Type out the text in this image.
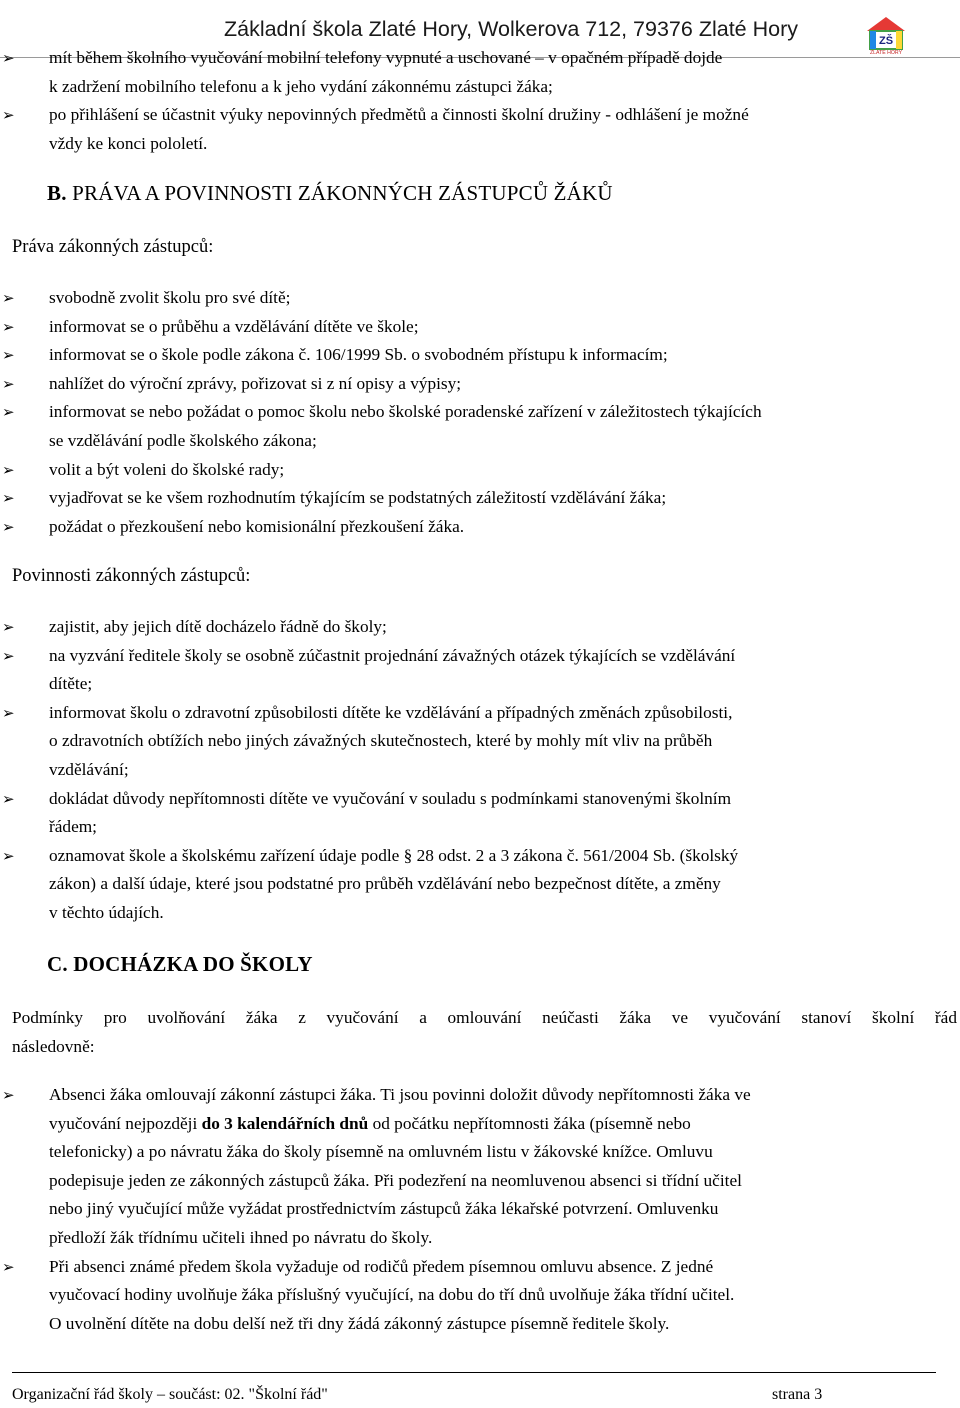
Základní škola Zlaté Hory, Wolkerova 712, 79376 Zlaté Hory	ZŠ
ZLATÉ HORY
➢ mít během školního vyučování mobilní telefony vypnuté a uschované – v opačném případě dojde
k zadržení mobilního telefonu a k jeho vydání zákonnému zástupci žáka;
➢ po přihlášení se účastnit výuky nepovinných předmětů a činnosti školní družiny - odhlášení je možné
vždy ke konci pololetí.
B. PRÁVA A POVINNOSTI ZÁKONNÝCH ZÁSTUPCŮ ŽÁKŮ
Práva zákonných zástupců:
➢ svobodně zvolit školu pro své dítě;
➢ informovat se o průběhu a vzdělávání dítěte ve škole;
➢ informovat se o škole podle zákona č. 106/1999 Sb. o svobodném přístupu k informacím;
➢ nahlížet do výroční zprávy, pořizovat si z ní opisy a výpisy;
➢ informovat se nebo požádat o pomoc školu nebo školské poradenské zařízení v záležitostech týkajících
se vzdělávání podle školského zákona;
➢ volit a být voleni do školské rady;
➢ vyjadřovat se ke všem rozhodnutím týkajícím se podstatných záležitostí vzdělávání žáka;
➢ požádat o přezkoušení nebo komisionální přezkoušení žáka.
Povinnosti zákonných zástupců:
➢ zajistit, aby jejich dítě docházelo řádně do školy;
➢ na vyzvání ředitele školy se osobně zúčastnit projednání závažných otázek týkajících se vzdělávání
dítěte;
➢ informovat školu o zdravotní způsobilosti dítěte ke vzdělávání a případných změnách způsobilosti,
o zdravotních obtížích nebo jiných závažných skutečnostech, které by mohly mít vliv na průběh
vzdělávání;
➢ dokládat důvody nepřítomnosti dítěte ve vyučování v souladu s podmínkami stanovenými školním
řádem;
➢ oznamovat škole a školskému zařízení údaje podle § 28 odst. 2 a 3 zákona č. 561/2004 Sb. (školský
zákon) a další údaje, které jsou podstatné pro průběh vzdělávání nebo bezpečnost dítěte, a změny
v těchto údajích.
C. DOCHÁZKA DO ŠKOLY
Podmínky pro uvolňování žáka z vyučování a omlouvání neúčasti žáka ve vyučování stanoví školní řád
následovně:
➢ Absenci žáka omlouvají zákonní zástupci žáka. Ti jsou povinni doložit důvody nepřítomnosti žáka ve
vyučování nejpozději do 3 kalendářních dnů od počátku nepřítomnosti žáka (písemně nebo
telefonicky) a po návratu žáka do školy písemně na omluvném listu v žákovské knížce. Omluvu
podepisuje jeden ze zákonných zástupců žáka. Při podezření na neomluvenou absenci si třídní učitel
nebo jiný vyučující může vyžádat prostřednictvím zástupců žáka lékařské potvrzení. Omluvenku
předloží žák třídnímu učiteli ihned po návratu do školy.
➢ Při absenci známé předem škola vyžaduje od rodičů předem písemnou omluvu absence. Z jedné
vyučovací hodiny uvolňuje žáka příslušný vyučující, na dobu do tří dnů uvolňuje žáka třídní učitel.
O uvolnění dítěte na dobu delší než tři dny žádá zákonný zástupce písemně ředitele školy.
Organizační řád školy – součást: 02. "Školní řád"	strana 3
